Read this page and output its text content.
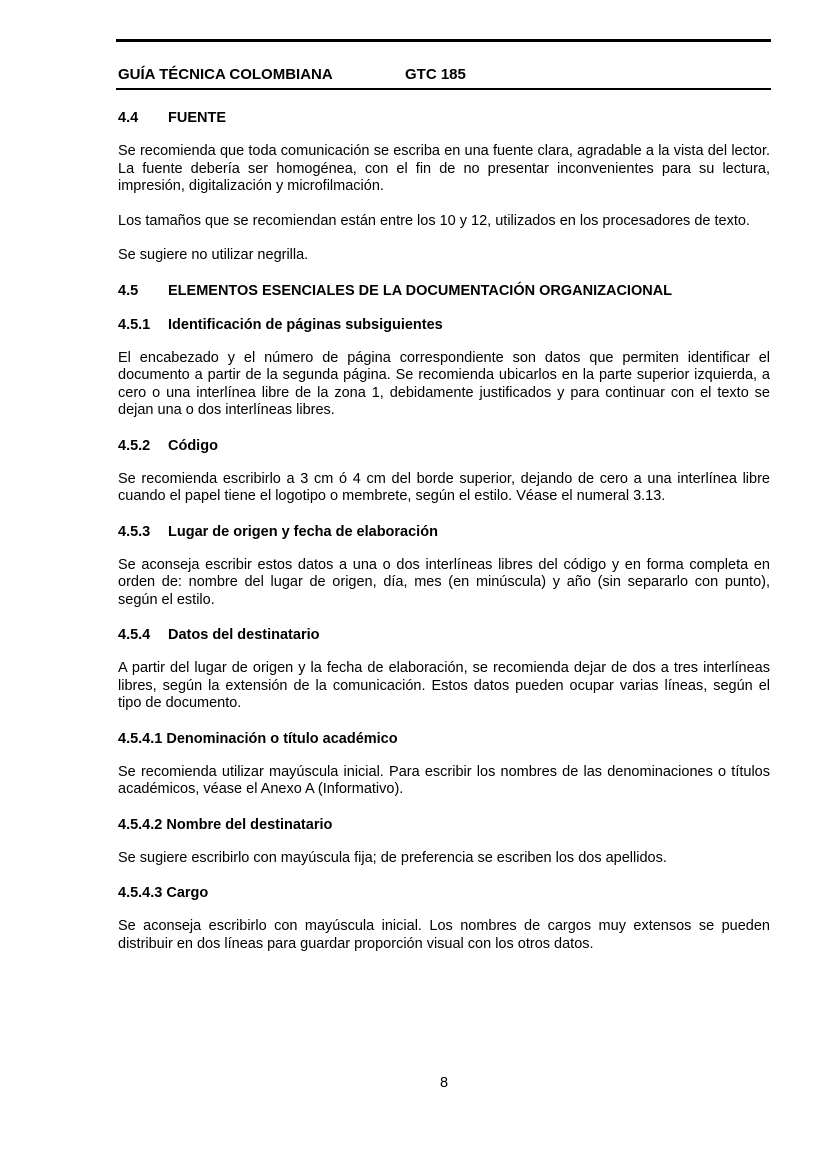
GUÍA TÉCNICA COLOMBIANA	GTC 185
4.4	FUENTE

Se recomienda que toda comunicación se escriba en una fuente clara, agradable a la vista del lector. La fuente debería ser homogénea, con el fin de no presentar inconvenientes para su lectura, impresión, digitalización y microfilmación.

Los tamaños que se recomiendan están entre los 10 y 12, utilizados en los procesadores de texto.

Se sugiere no utilizar negrilla.

4.5	ELEMENTOS ESENCIALES DE LA DOCUMENTACIÓN ORGANIZACIONAL
4.5.1	Identificación de páginas subsiguientes

El encabezado y el número de página correspondiente son datos que permiten identificar el documento a partir de la segunda página. Se recomienda ubicarlos en la parte superior izquierda, a cero o una interlínea libre de la zona 1, debidamente justificados y para continuar con el texto se dejan una o dos interlíneas libres.

4.5.2	Código

Se recomienda escribirlo a 3 cm ó 4 cm del borde superior, dejando de cero a una interlínea libre cuando el papel tiene el logotipo o membrete, según el estilo. Véase el numeral 3.13.

4.5.3	Lugar de origen y fecha de elaboración

Se aconseja escribir estos datos a una o dos interlíneas libres del código y en forma completa en orden de: nombre del lugar de origen, día, mes (en minúscula) y año (sin separarlo con punto), según el estilo.

4.5.4	Datos del destinatario

A partir del lugar de origen y la fecha de elaboración, se recomienda dejar de dos a tres interlíneas libres, según la extensión de la comunicación. Estos datos pueden ocupar varias líneas, según el tipo de documento.

4.5.4.1
Denominación o título académico

Se recomienda utilizar mayúscula inicial. Para escribir los nombres de las denominaciones o títulos académicos, véase el Anexo A (Informativo).

4.5.4.2
Nombre del destinatario

Se sugiere escribirlo con mayúscula fija; de preferencia se escriben los dos apellidos.

4.5.4.3
Cargo

Se aconseja escribirlo con mayúscula inicial. Los nombres de cargos muy extensos se pueden distribuir en dos líneas para guardar proporción visual con los otros datos.

8
